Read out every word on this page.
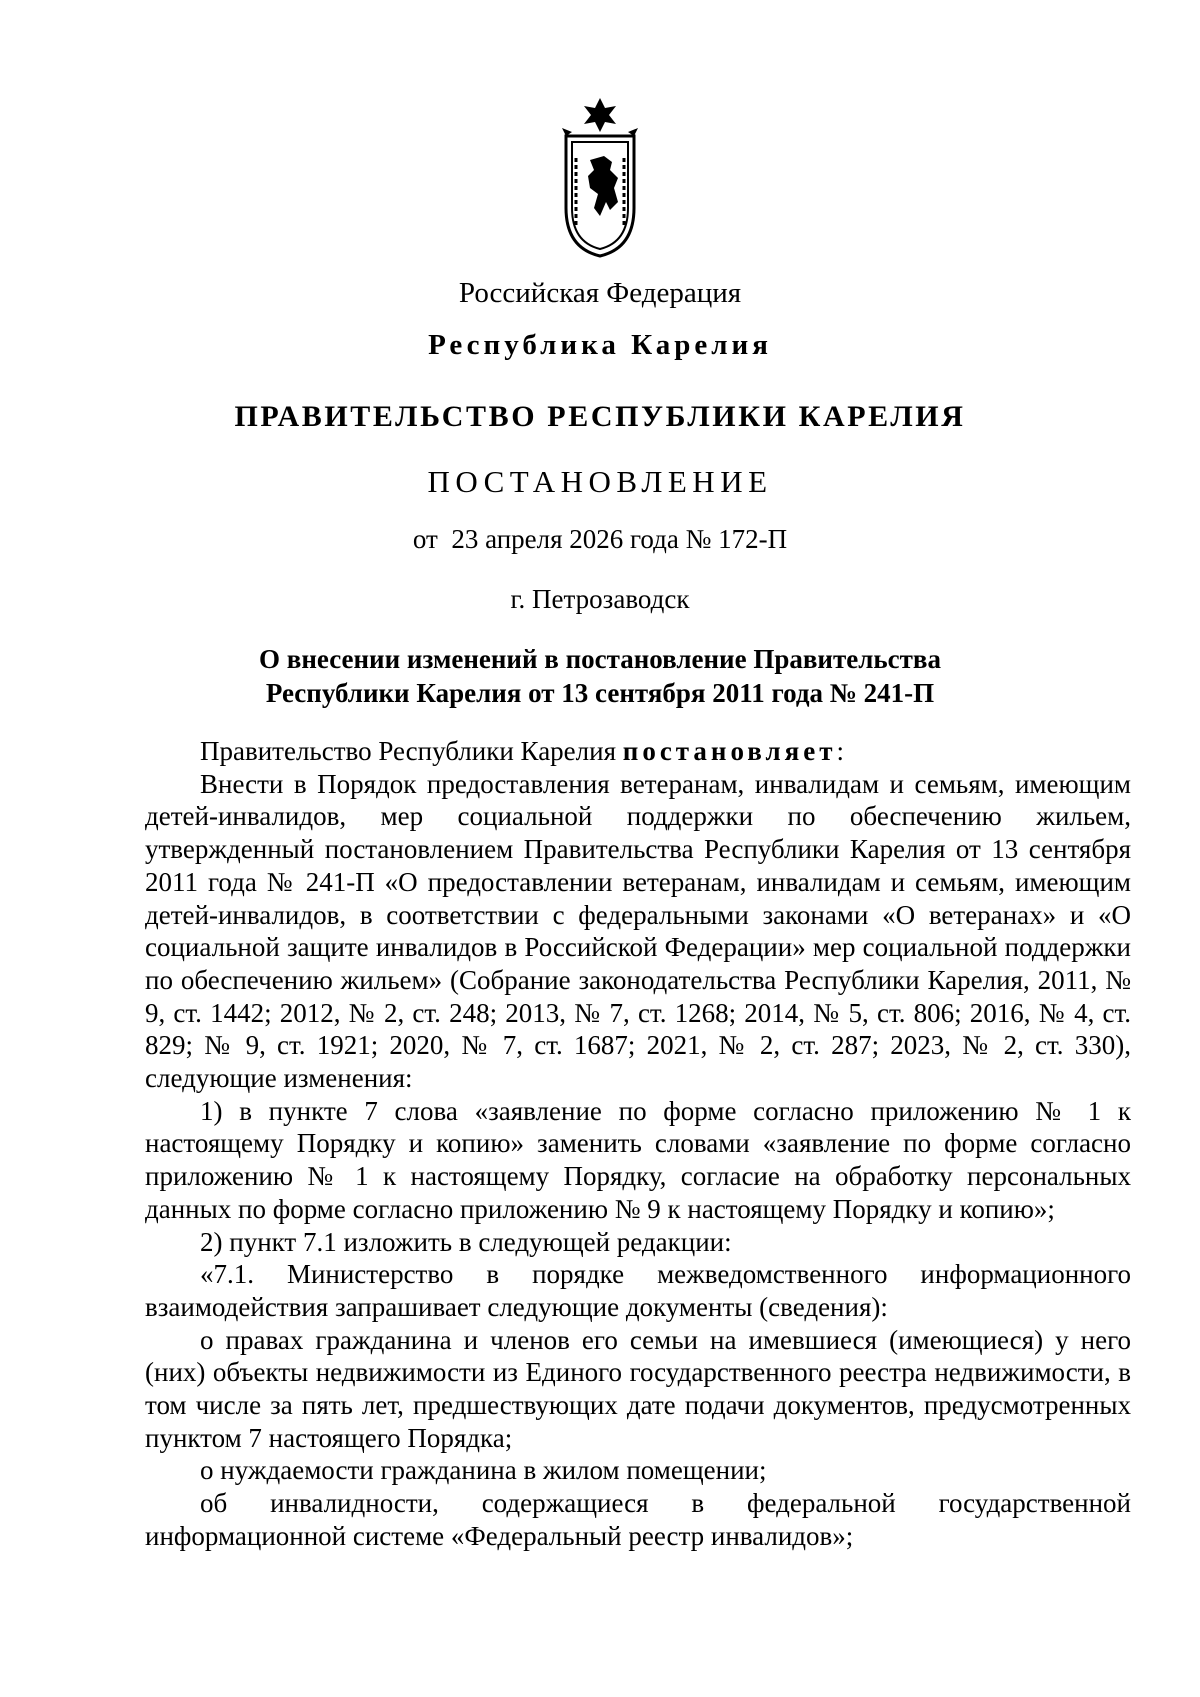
Российская Федерация
Республика Карелия
ПРАВИТЕЛЬСТВО РЕСПУБЛИКИ КАРЕЛИЯ
ПОСТАНОВЛЕНИЕ
от  23 апреля 2026 года № 172-П
г. Петрозаводск
О внесении изменений в постановление Правительства
Республики Карелия от 13 сентября 2011 года № 241-П

Правительство Республики Карелия постановляет:

Внести в Порядок предоставления ветеранам, инвалидам и семьям, имеющим детей-инвалидов, мер социальной поддержки по обеспечению жильем, утвержденный постановлением Правительства Республики Карелия от 13 сентября 2011 года № 241-П «О предоставлении ветеранам, инвалидам и семьям, имеющим детей-инвалидов, в соответствии с федеральными законами «О ветеранах» и «О социальной защите инвалидов в Российской Федерации» мер социальной поддержки по обеспечению жильем» (Собрание законодательства Республики Карелия, 2011, № 9, ст. 1442; 2012, № 2, ст. 248; 2013, № 7, ст. 1268; 2014, № 5, ст. 806; 2016, № 4, ст. 829; № 9, ст. 1921; 2020, № 7, ст. 1687; 2021, № 2, ст. 287; 2023, № 2, ст. 330), следующие изменения:

1) в пункте 7 слова «заявление по форме согласно приложению № 1 к настоящему Порядку и копию» заменить словами «заявление по форме согласно приложению № 1 к настоящему Порядку, согласие на обработку персональных данных по форме согласно приложению № 9 к настоящему Порядку и копию»;

2) пункт 7.1 изложить в следующей редакции:

«7.1. Министерство в порядке межведомственного информационного взаимодействия запрашивает следующие документы (сведения):

о правах гражданина и членов его семьи на имевшиеся (имеющиеся) у него (них) объекты недвижимости из Единого государственного реестра недвижимости, в том числе за пять лет, предшествующих дате подачи документов, предусмотренных пунктом 7 настоящего Порядка;

о нуждаемости гражданина в жилом помещении;

об инвалидности, содержащиеся в федеральной государственной информационной системе «Федеральный реестр инвалидов»;
